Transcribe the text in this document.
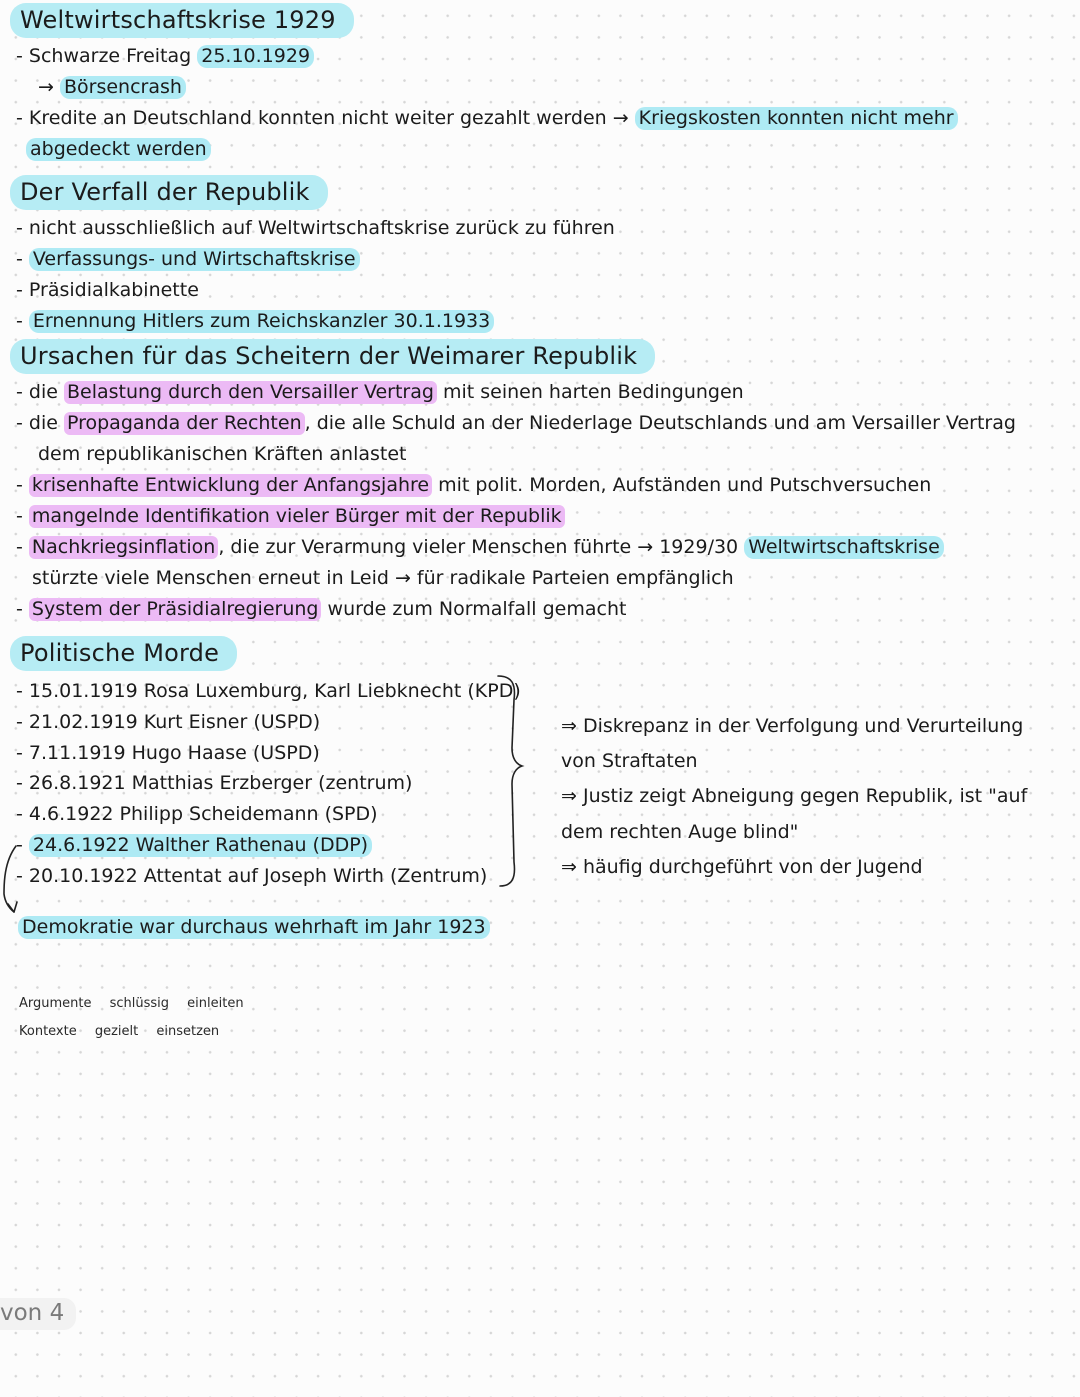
Weltwirtschaftskrise 1929
- Schwarze Freitag 25.10.1929
→ Börsencrash
- Kredite an Deutschland konnten nicht weiter gezahlt werden → Kriegskosten konnten nicht mehr
abgedeckt werden
Der Verfall der Republik
- nicht ausschließlich auf Weltwirtschaftskrise zurück zu führen
- Verfassungs- und Wirtschaftskrise
- Präsidialkabinette
- Ernennung Hitlers zum Reichskanzler 30.1.1933
Ursachen für das Scheitern der Weimarer Republik
- die Belastung durch den Versailler Vertrag mit seinen harten Bedingungen
- die Propaganda der Rechten , die alle Schuld an der Niederlage Deutschlands und am Versailler Vertrag
dem republikanischen Kräften anlastet
- krisenhafte Entwicklung der Anfangsjahre mit polit. Morden, Aufständen und Putschversuchen
- mangelnde Identifikation vieler Bürger mit der Republik
- Nachkriegsinflation , die zur Verarmung vieler Menschen führte → 1929/30 Weltwirtschaftskrise
stürzte viele Menschen erneut in Leid → für radikale Parteien empfänglich
- System der Präsidialregierung wurde zum Normalfall gemacht
Politische Morde
- 15.01.1919 Rosa Luxemburg, Karl Liebknecht (KPD)
- 21.02.1919 Kurt Eisner (USPD)
- 7.11.1919 Hugo Haase (USPD)
- 26.8.1921 Matthias Erzberger (zentrum)
- 4.6.1922 Philipp Scheidemann (SPD)
- 24.6.1922 Walther Rathenau (DDP)
- 20.10.1922 Attentat auf Joseph Wirth (Zentrum)
⇒ Diskrepanz in der Verfolgung und Verurteilung
von Straftaten
⇒ Justiz zeigt Abneigung gegen Republik, ist "auf
dem rechten Auge blind"
⇒ häufig durchgeführt von der Jugend
Demokratie war durchaus wehrhaft im Jahr 1923
Argumente schlüssig einleiten
Kontexte gezielt einsetzen
von 4
